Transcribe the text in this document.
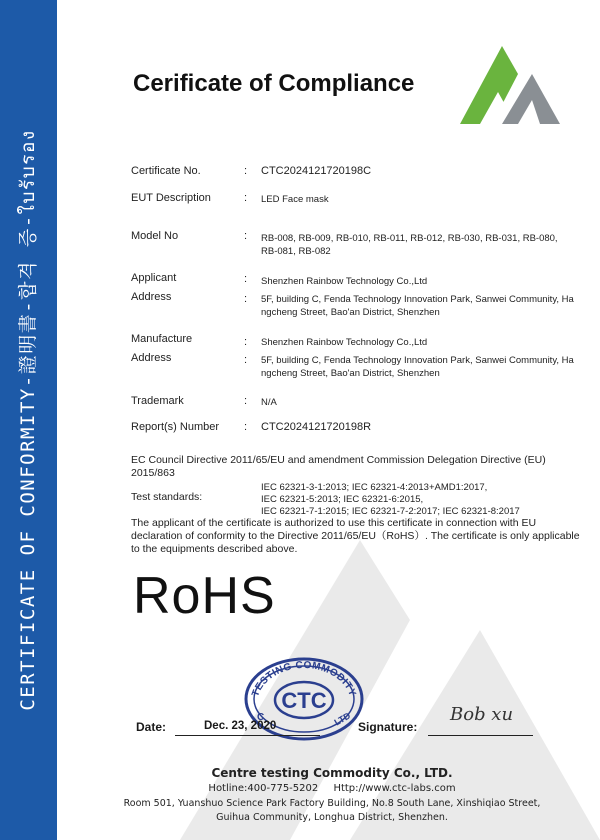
CERTIFICATE OF CONFORMITY-證明書-합격 증-ใบรับรอง
Cerificate of Compliance
Certificate No.	: CTC2024121720198C
EUT Description	: LED Face mask
Model No	: RB-008, RB-009, RB-010, RB-011, RB-012, RB-030, RB-031, RB-080,
RB-081, RB-082
Applicant	: Shenzhen Rainbow Technology Co.,Ltd
Address	: 5F, building C, Fenda Technology Innovation Park, Sanwei Community, Ha
ngcheng Street, Bao'an District, Shenzhen
Manufacture	: Shenzhen Rainbow Technology Co.,Ltd
Address	: 5F, building C, Fenda Technology Innovation Park, Sanwei Community, Ha
ngcheng Street, Bao'an District, Shenzhen
Trademark	: N/A
Report(s) Number : CTC2024121720198R
EC Council Directive 2011/65/EU and amendment Commission Delegation Directive (EU)
2015/863
Test standards:
IEC 62321-3-1:2013; IEC 62321-4:2013+AMD1:2017,
IEC 62321-5:2013; IEC 62321-6:2015,
IEC 62321-7-1:2015; IEC 62321-7-2:2017; IEC 62321-8:2017
The applicant of the certificate is authorized to use this certificate in connection with EU
declaration of conformity to the Directive 2011/65/EU（RoHS）. The certificate is only applicable
to the equipments described above.
RoHS
TESTING COMMODITY
CTC
C	LTD
Date:	Dec. 23, 2020	Signature:
Bob xu
Centre testing Commodity Co., LTD.
Hotline:400-775-5202 Http://www.ctc-labs.com
Room 501, Yuanshuo Science Park Factory Building, No.8 South Lane, Xinshiqiao Street,
Guihua Community, Longhua District, Shenzhen.
